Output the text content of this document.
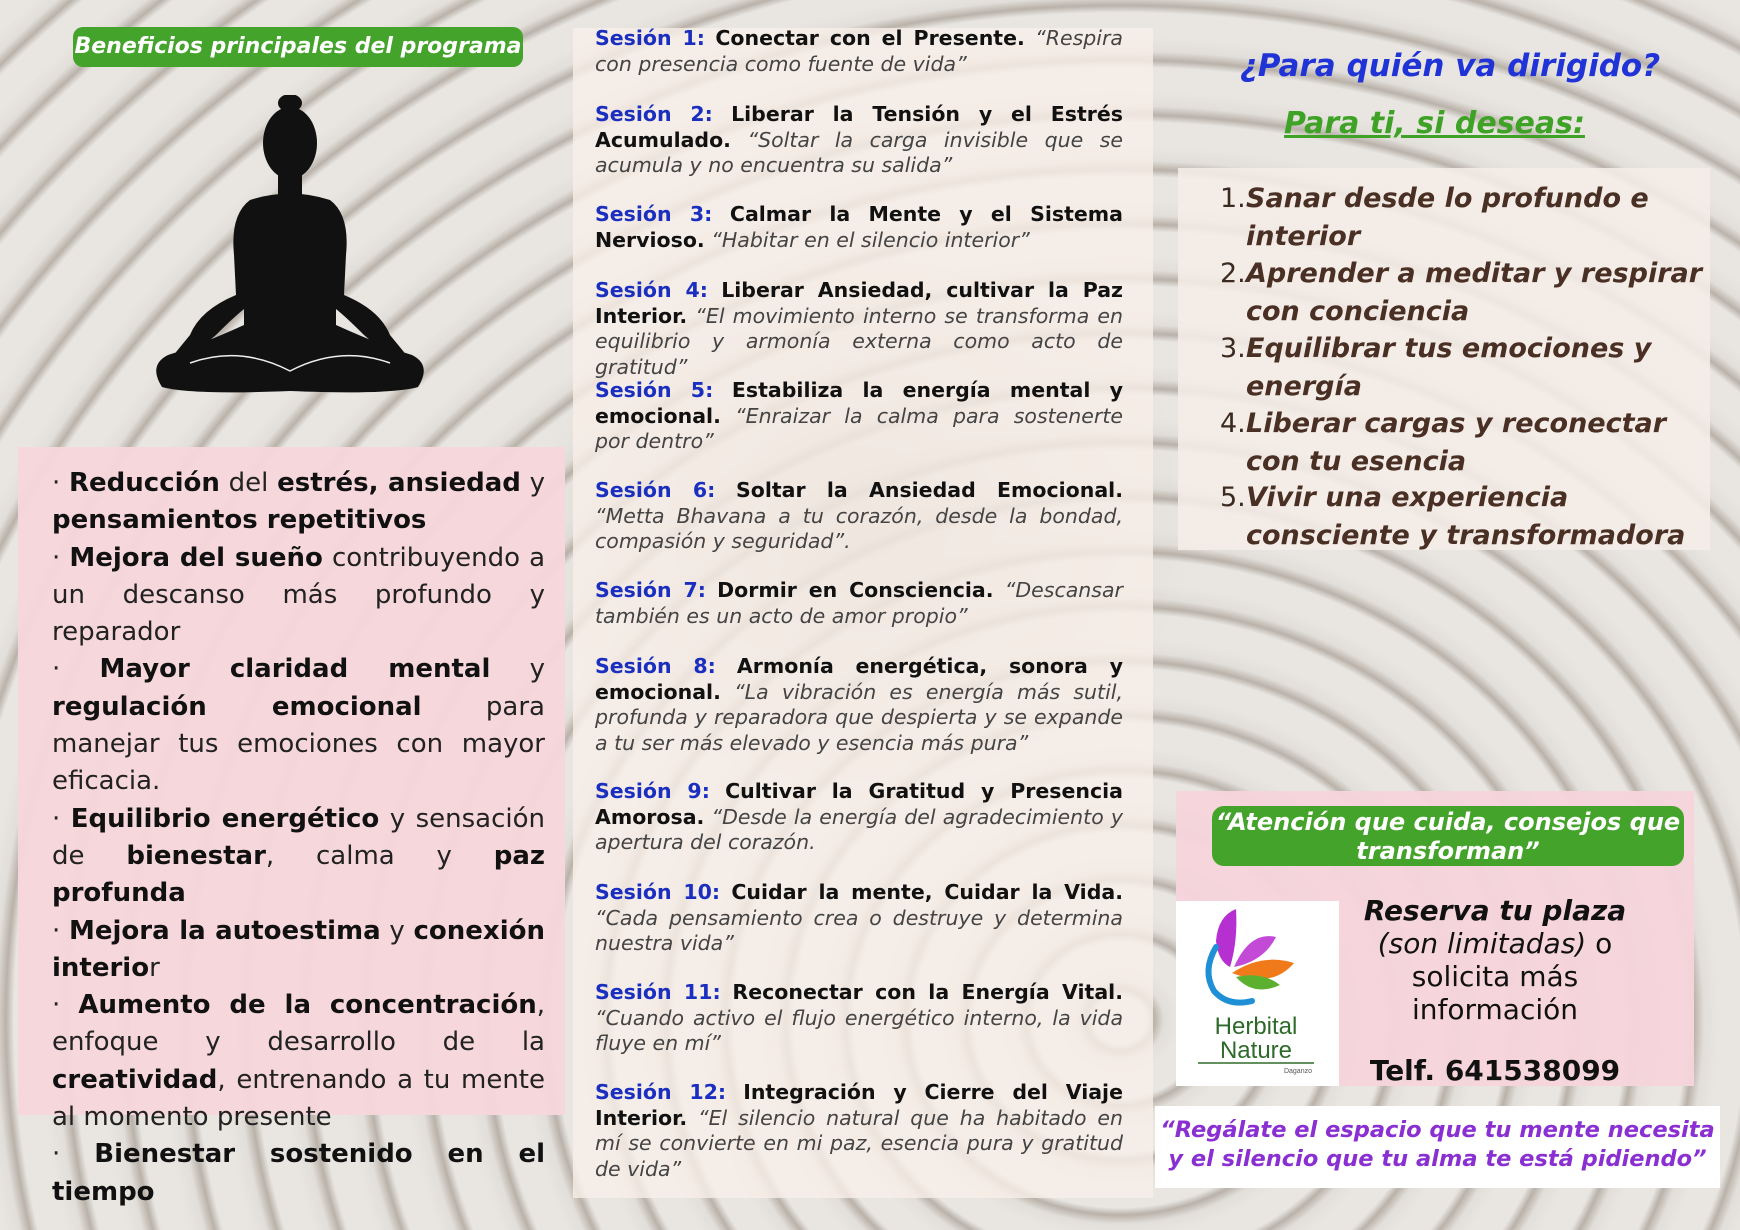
Beneficios principales del programa

· Reducción del estrés, ansiedad y pensamientos repetitivos

· Mejora del sueño contribuyendo a un descanso más profundo y reparador

· Mayor claridad mental y regulación emocional para manejar tus emociones con mayor eficacia.

· Equilibrio energético y sensación de bienestar, calma y paz profunda

· Mejora la autoestima y conexión interior

· Aumento de la concentración, enfoque y desarrollo de la creatividad, entrenando a tu mente al momento presente

· Bienestar sostenido en el tiempo

Sesión 1: Conectar con el Presente. “Respira con presencia como fuente de vida”

Sesión 2: Liberar la Tensión y el Estrés Acumulado. “Soltar la carga invisible que se acumula y no encuentra su salida”

Sesión 3: Calmar la Mente y el Sistema Nervioso. “Habitar en el silencio interior”

Sesión 4: Liberar Ansiedad, cultivar la Paz Interior. “El movimiento interno se transforma en equilibrio y armonía externa como acto de gratitud”

Sesión 5: Estabiliza la energía mental y emocional. “Enraizar la calma para sostenerte por dentro”

Sesión 6: Soltar la Ansiedad Emocional. “Metta Bhavana a tu corazón, desde la bondad, compasión y seguridad”.

Sesión 7: Dormir en Consciencia. “Descansar también es un acto de amor propio”

Sesión 8: Armonía energética, sonora y emocional. “La vibración es energía más sutil, profunda y reparadora que despierta y se expande a tu ser más elevado y esencia más pura”

Sesión 9: Cultivar la Gratitud y Presencia Amorosa. “Desde la energía del agradecimiento y apertura del corazón.

Sesión 10: Cuidar la mente, Cuidar la Vida. “Cada pensamiento crea o destruye y determina nuestra vida”

Sesión 11: Reconectar con la Energía Vital. “Cuando activo el flujo energético interno, la vida fluye en mí”

Sesión 12: Integración y Cierre del Viaje Interior. “El silencio natural que ha habitado en mí se convierte en mi paz, esencia pura y gratitud de vida”

¿Para quién va dirigido?
Para ti, si deseas:

1. Sanar desde lo profundo e interior

2. Aprender a meditar y respirar con conciencia

3. Equilibrar tus emociones y energía

4. Liberar cargas y reconectar con tu esencia

5. Vivir una experiencia consciente y transformadora

“Atención que cuida, consejos que transforman”
Herbital
Nature
Daganzo
Reserva tu plaza
(son limitadas) o solicita más información
Telf. 641538099
“Regálate el espacio que tu mente necesita y el silencio que tu alma te está pidiendo”
